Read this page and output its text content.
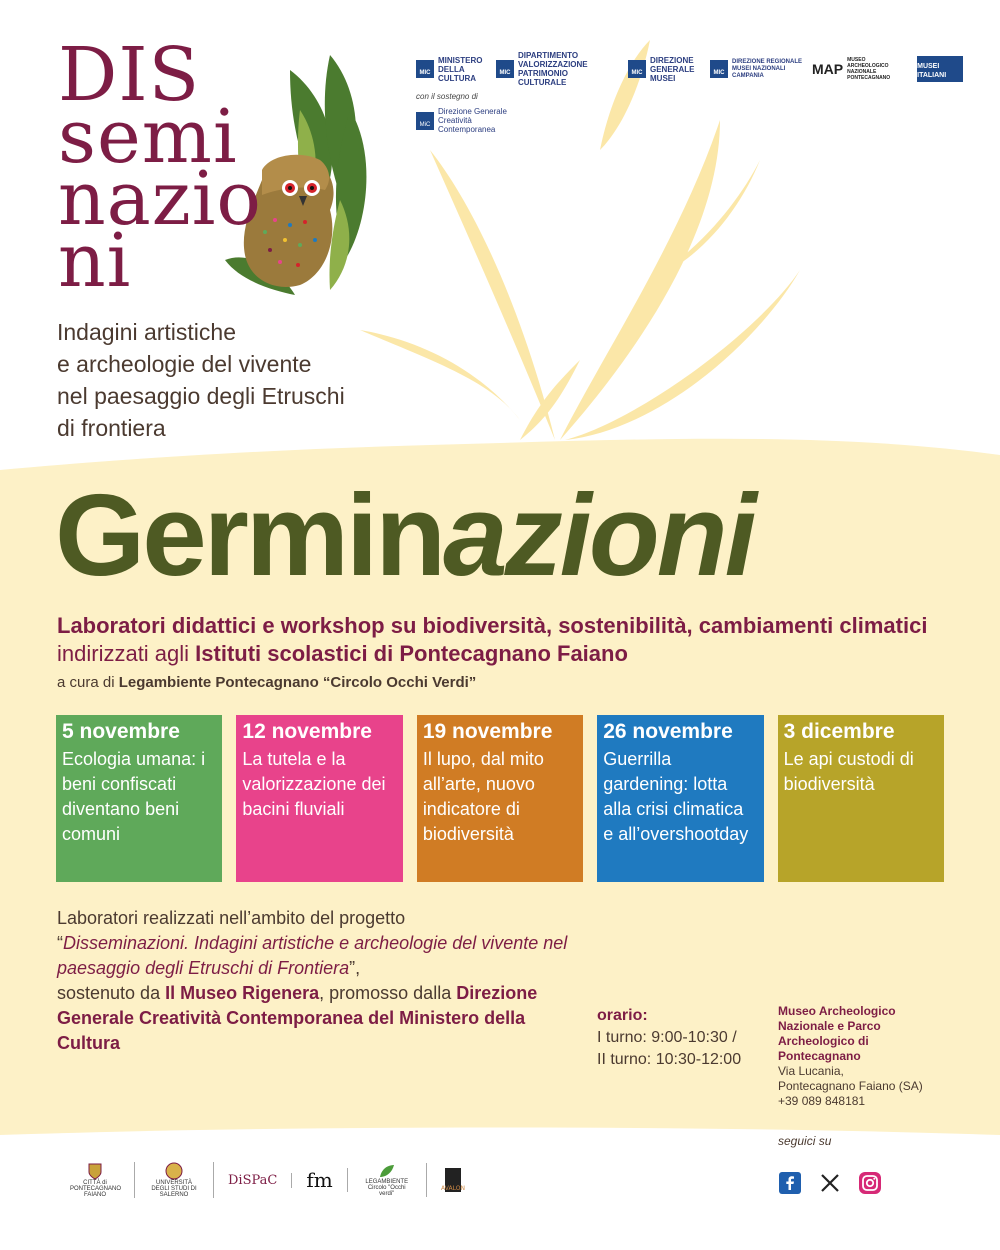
DIS
semi
nazio
ni
Indagini artistiche
e archeologie del vivente
nel paesaggio degli Etruschi
di frontiera
MIC
MINISTERO DELLA CULTURA
MIC
DIPARTIMENTO VALORIZZAZIONE PATRIMONIO CULTURALE
MIC
DIREZIONE GENERALE MUSEI
MIC
DIREZIONE REGIONALE MUSEI NAZIONALI CAMPANIA	MAP
MUSEO ARCHEOLOGICO NAZIONALE PONTECAGNANO
MUSEI ITALIANI
con il sostegno di
MiC
Direzione Generale Creatività Contemporanea
Germinazioni
Laboratori didattici e workshop su biodiversità, sostenibilità, cambiamenti climatici indirizzati agli Istituti scolastici di Pontecagnano Faiano
a cura di Legambiente Pontecagnano “Circolo Occhi Verdi”
5 novembre
Ecologia umana: i beni confiscati diventano beni comuni
12 novembre
La tutela e la valorizzazione dei bacini fluviali
19 novembre
Il lupo, dal mito all’arte, nuovo indicatore di biodiversità
26 novembre
Guerrilla gardening: lotta alla crisi climatica e all’overshootday
3 dicembre
Le api custodi di biodiversità
Laboratori realizzati nell’ambito del progetto
“Disseminazioni. Indagini artistiche e archeologie del vivente nel paesaggio degli Etruschi di Frontiera”,
sostenuto da Il Museo Rigenera, promosso dalla Direzione Generale Creatività Contemporanea del Ministero della Cultura
orario:
I turno: 9:00-10:30 /
II turno: 10:30-12:00
Museo Archeologico Nazionale e Parco Archeologico di Pontecagnano
Via Lucania,
Pontecagnano Faiano (SA)
+39 089 848181
seguici su
CITTÀ di PONTECAGNANO FAIANO
UNIVERSITÀ DEGLI STUDI DI SALERNO
DiSPaC fm	LEGAMBIENTE Circolo "Occhi verdi"
AVALON
